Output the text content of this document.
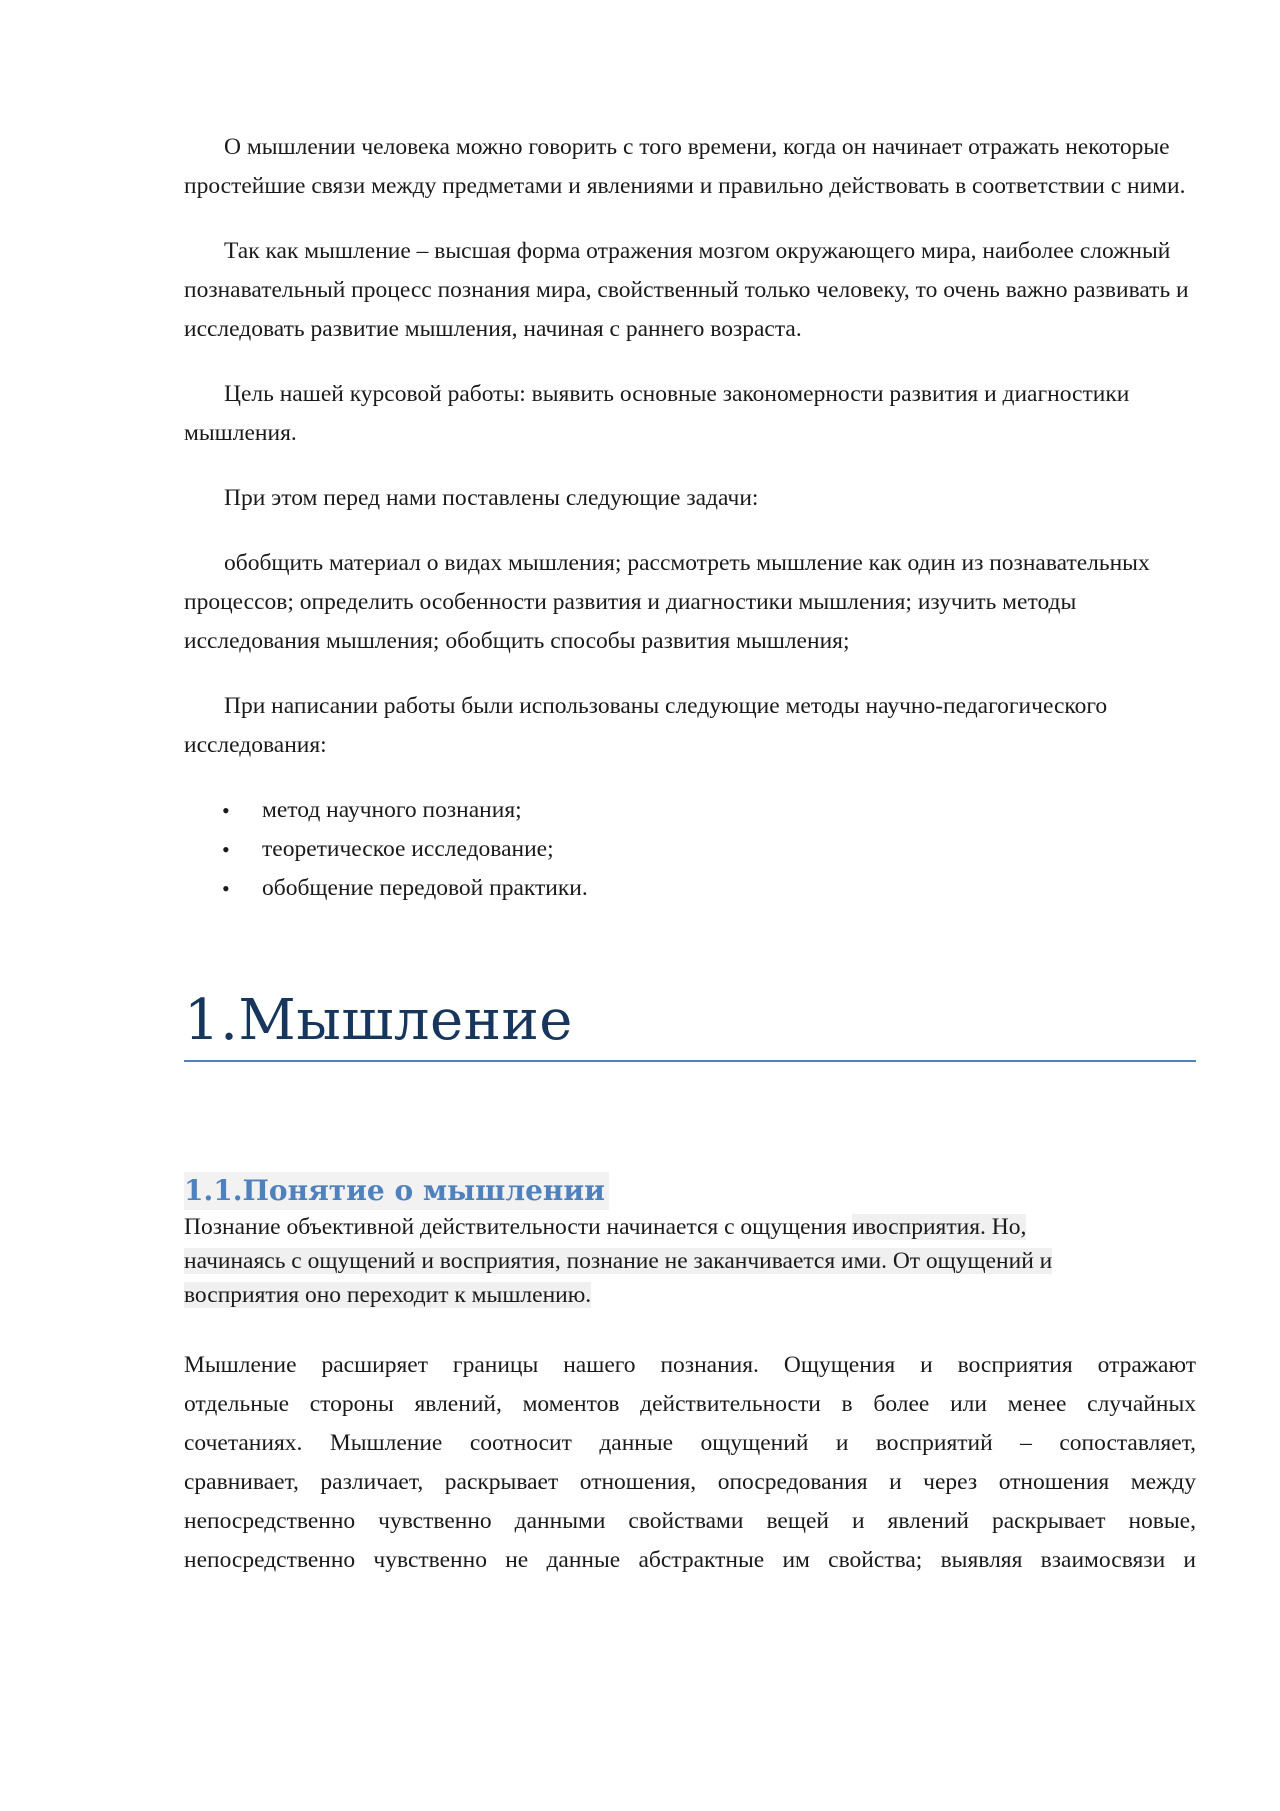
О мышлении человека можно говорить с того времени, когда он начинает отражать некоторые простейшие связи между предметами и явлениями и правильно действовать в соответствии с ними.

Так как мышление – высшая форма отражения мозгом окружающего мира, наиболее сложный познавательный процесс познания мира, свойственный только человеку, то очень важно развивать и исследовать развитие мышления, начиная с раннего возраста.

Цель нашей курсовой работы: выявить основные закономерности развития и диагностики мышления.

При этом перед нами поставлены следующие задачи:

обобщить материал о видах мышления; рассмотреть мышление как один из познавательных процессов; определить особенности развития и диагностики мышления; изучить методы исследования мышления; обобщить способы развития мышления;

При написании работы были использованы следующие методы научно-педагогического исследования:

• метод научного познания;
• теоретическое исследование;
• обобщение передовой практики.
1.Мышление
1.1.Понятие о мышлении

Познание объективной действительности начинается с ощущения ивосприятия. Но,
начинаясь с ощущений и восприятия, познание не заканчивается ими. От ощущений и
восприятия оно переходит к мышлению.

Мышление расширяет границы нашего познания. Ощущения и восприятия отражают

отдельные стороны явлений, моментов действительности в более или менее случайных

сочетаниях. Мышление соотносит данные ощущений и восприятий – сопоставляет,

сравнивает, различает, раскрывает отношения, опосредования и через отношения между

непосредственно чувственно данными свойствами вещей и явлений раскрывает новые,

непосредственно чувственно не данные абстрактные им свойства; выявляя взаимосвязи и
